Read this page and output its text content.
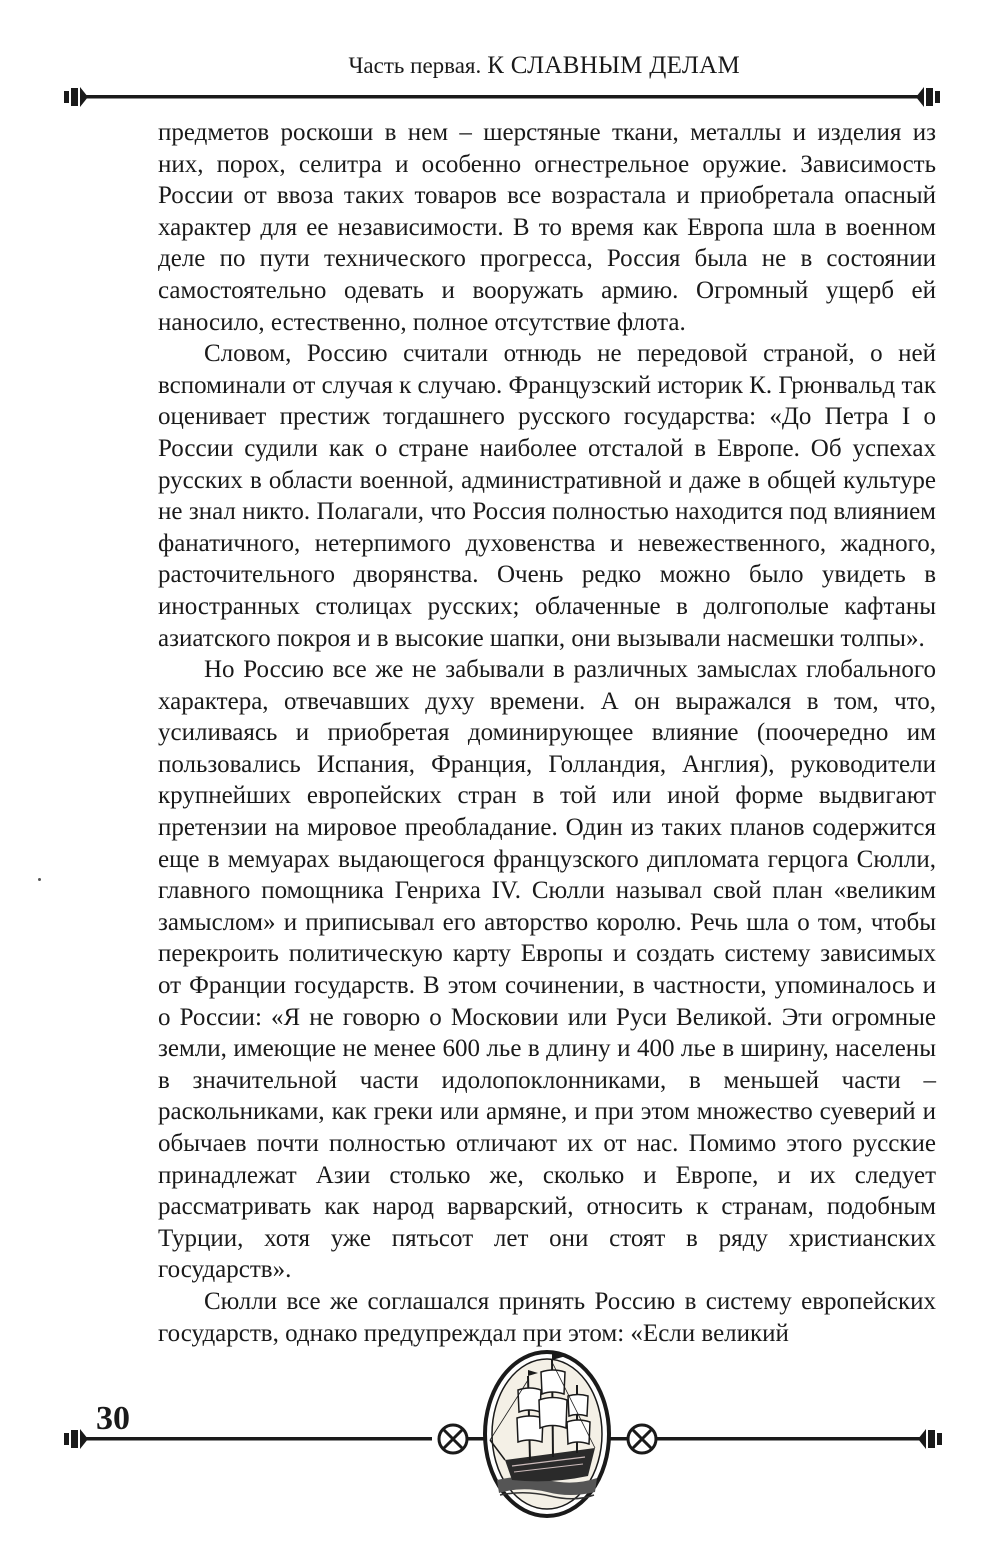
Часть первая. К СЛАВНЫМ ДЕЛАМ

предметов роскоши в нем – шерстяные ткани, металлы и изделия из них, порох, селитра и особенно огнестрельное оружие. Зависимость России от ввоза таких товаров все возрастала и приобретала опасный характер для ее независимости. В то время как Европа шла в военном деле по пути технического прогресса, Россия была не в состоянии самостоятельно одевать и вооружать армию. Огромный ущерб ей наносило, естественно, полное отсутствие флота.

Словом, Россию считали отнюдь не передовой страной, о ней вспоминали от случая к случаю. Французский историк К. Грюнвальд так оценивает престиж тогдашнего русского государства: «До Петра I о России судили как о стране наиболее отсталой в Европе. Об успехах русских в области военной, административной и даже в общей культуре не знал никто. Полагали, что Россия полностью находится под влиянием фанатичного, нетерпимого духовенства и невежественного, жадного, расточительного дворянства. Очень редко можно было увидеть в иностранных столицах русских; облаченные в долгополые кафтаны азиатского покроя и в высокие шапки, они вызывали насмешки толпы».

Но Россию все же не забывали в различных замыслах глобального характера, отвечавших духу времени. А он выражался в том, что, усиливаясь и приобретая доминирующее влияние (поочередно им пользовались Испания, Франция, Голландия, Англия), руководители крупнейших европейских стран в той или иной форме выдвигают претензии на мировое преобладание. Один из таких планов содержится еще в мемуарах выдающегося французского дипломата герцога Сюлли, главного помощника Генриха IV. Сюлли называл свой план «великим замыслом» и приписывал его авторство королю. Речь шла о том, чтобы перекроить политическую карту Европы и создать систему зависимых от Франции государств. В этом сочинении, в частности, упоминалось и о России: «Я не говорю о Московии или Руси Великой. Эти огромные земли, имеющие не менее 600 лье в длину и 400 лье в ширину, населены в значительной части идолопоклонниками, в меньшей части – раскольниками, как греки или армяне, и при этом множество суеверий и обычаев почти полностью отличают их от нас. Помимо этого русские принадлежат Азии столько же, сколько и Европе, и их следует рассматривать как народ варварский, относить к странам, подобным Турции, хотя уже пятьсот лет они стоят в ряду христианских государств».

Сюлли все же соглашался принять Россию в систему европейских государств, однако предупреждал при этом: «Если великий

30
